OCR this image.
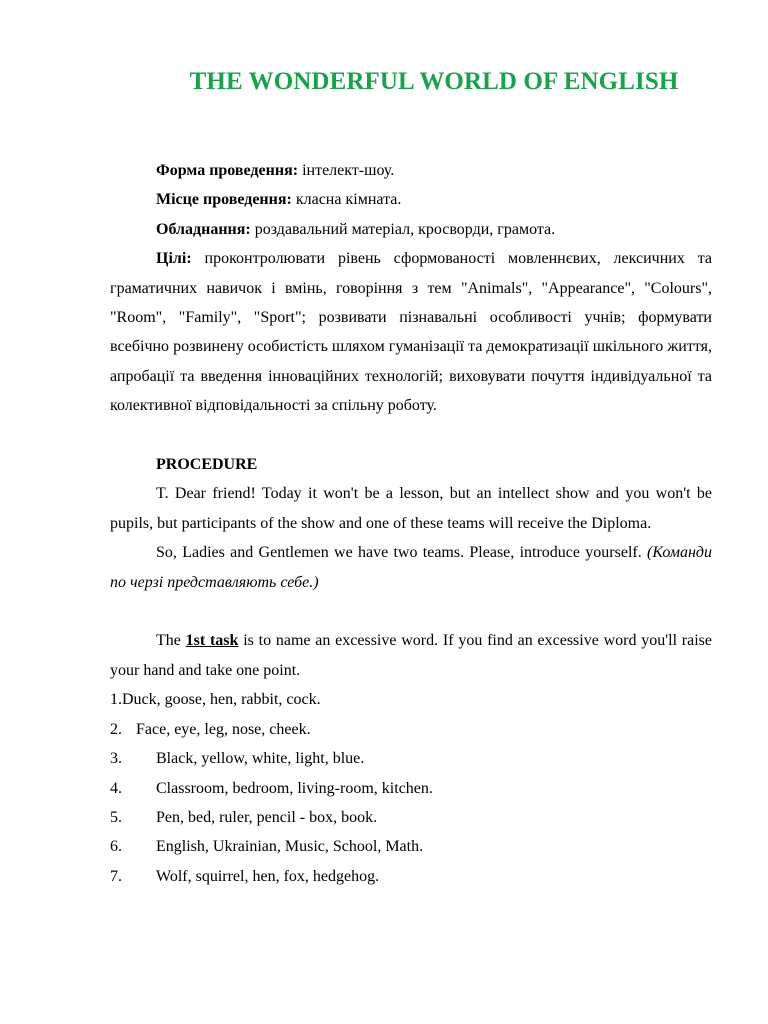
THE WONDERFUL WORLD OF ENGLISH

Форма проведення: інтелект-шоу.

Місце проведення: класна кімната.

Обладнання: роздавальний матеріал, кросворди, грамота.

Цілі: проконтролювати рівень сформованості мовленнєвих, лексичних та граматичних навичок і вмінь, говоріння з тем "Animals", "Appearance", "Colours", "Room", "Family", "Sport"; розвивати пізнавальні особливості учнів; формувати всебічно розвинену особистість шляхом гуманізації та демократизації шкільного життя, апробації та введення інноваційних технологій; виховувати почуття індивідуальної та колективної відповідальності за спільну роботу.

PROCEDURE

T. Dear friend! Today it won't be a lesson, but an intellect show and you won't be pupils, but participants of the show and one of these teams will receive the Diploma.

So, Ladies and Gentlemen we have two teams. Please, introduce yourself. (Команди по черзі представляють себе.)

The 1st task is to name an excessive word. If you find an excessive word you'll raise your hand and take one point.

1. Duck, goose, hen, rabbit, cock.
2. Face, eye, leg, nose, cheek.
3.	Black, yellow, white, light, blue.
4.	Classroom, bedroom, living-room, kitchen.
5.	Pen, bed, ruler, pencil - box, book.
6.	English, Ukrainian, Music, School, Math.
7.	Wolf, squirrel, hen, fox, hedgehog.
